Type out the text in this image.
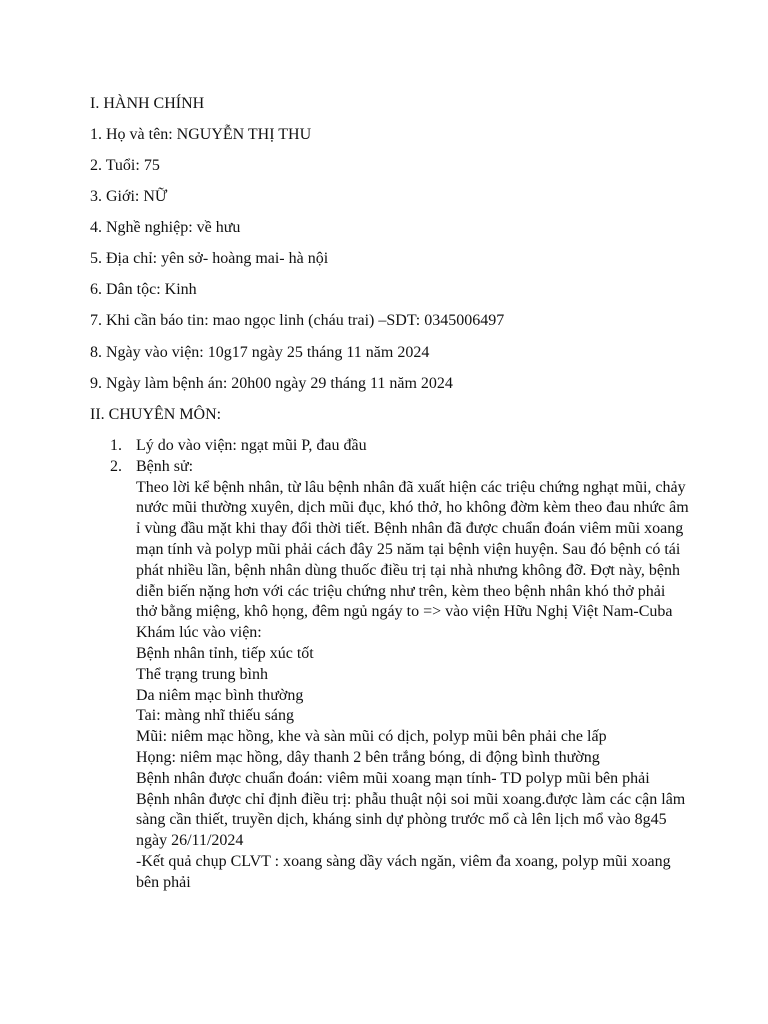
I. HÀNH CHÍNH
1. Họ và tên: NGUYỄN THỊ THU
2. Tuổi: 75
3. Giới: NỮ
4. Nghề nghiệp: về hưu
5. Địa chỉ: yên sở- hoàng mai- hà nội
6. Dân tộc: Kinh
7. Khi cần báo tin: mao ngọc linh (cháu trai) –SDT: 0345006497
8. Ngày vào viện: 10g17 ngày 25 tháng 11 năm 2024
9. Ngày làm bệnh án: 20h00 ngày 29 tháng 11 năm 2024
II. CHUYÊN MÔN:
1. Lý do vào viện: ngạt mũi P, đau đầu
2. Bệnh sử:
Theo lời kể bệnh nhân, từ lâu bệnh nhân đã xuất hiện các triệu chứng nghạt mũi, chảy nước mũi thường xuyên, dịch mũi đục, khó thở, ho không đờm kèm theo đau nhức âm ỉ vùng đầu mặt khi thay đổi thời tiết. Bệnh nhân đã được chuẩn đoán viêm mũi xoang mạn tính và polyp mũi phải cách đây 25 năm tại bệnh viện huyện. Sau đó bệnh có tái phát nhiều lần, bệnh nhân dùng thuốc điều trị tại nhà nhưng không đỡ. Đợt này, bệnh diễn biến nặng hơn với các triệu chứng như trên, kèm theo bệnh nhân khó thở phải thở bằng miệng, khô họng, đêm ngủ ngáy to => vào viện Hữu Nghị Việt Nam-Cuba
Khám lúc vào viện:
Bệnh nhân tỉnh, tiếp xúc tốt
Thể trạng trung bình
Da niêm mạc bình thường
Tai: màng nhĩ thiếu sáng
Mũi: niêm mạc hồng, khe và sàn mũi có dịch, polyp mũi bên phải che lấp
Họng: niêm mạc hồng, dây thanh 2 bên trắng bóng, di động bình thường
Bệnh nhân được chuẩn đoán: viêm mũi xoang mạn tính- TD polyp mũi bên phải
Bệnh nhân được chỉ định điều trị: phẫu thuật nội soi mũi xoang.được làm các cận lâm sàng cần thiết, truyền dịch, kháng sinh dự phòng trước mổ cà lên lịch mổ vào 8g45 ngày 26/11/2024
-Kết quả chụp CLVT : xoang sàng dầy vách ngăn, viêm đa xoang, polyp mũi xoang bên phải
